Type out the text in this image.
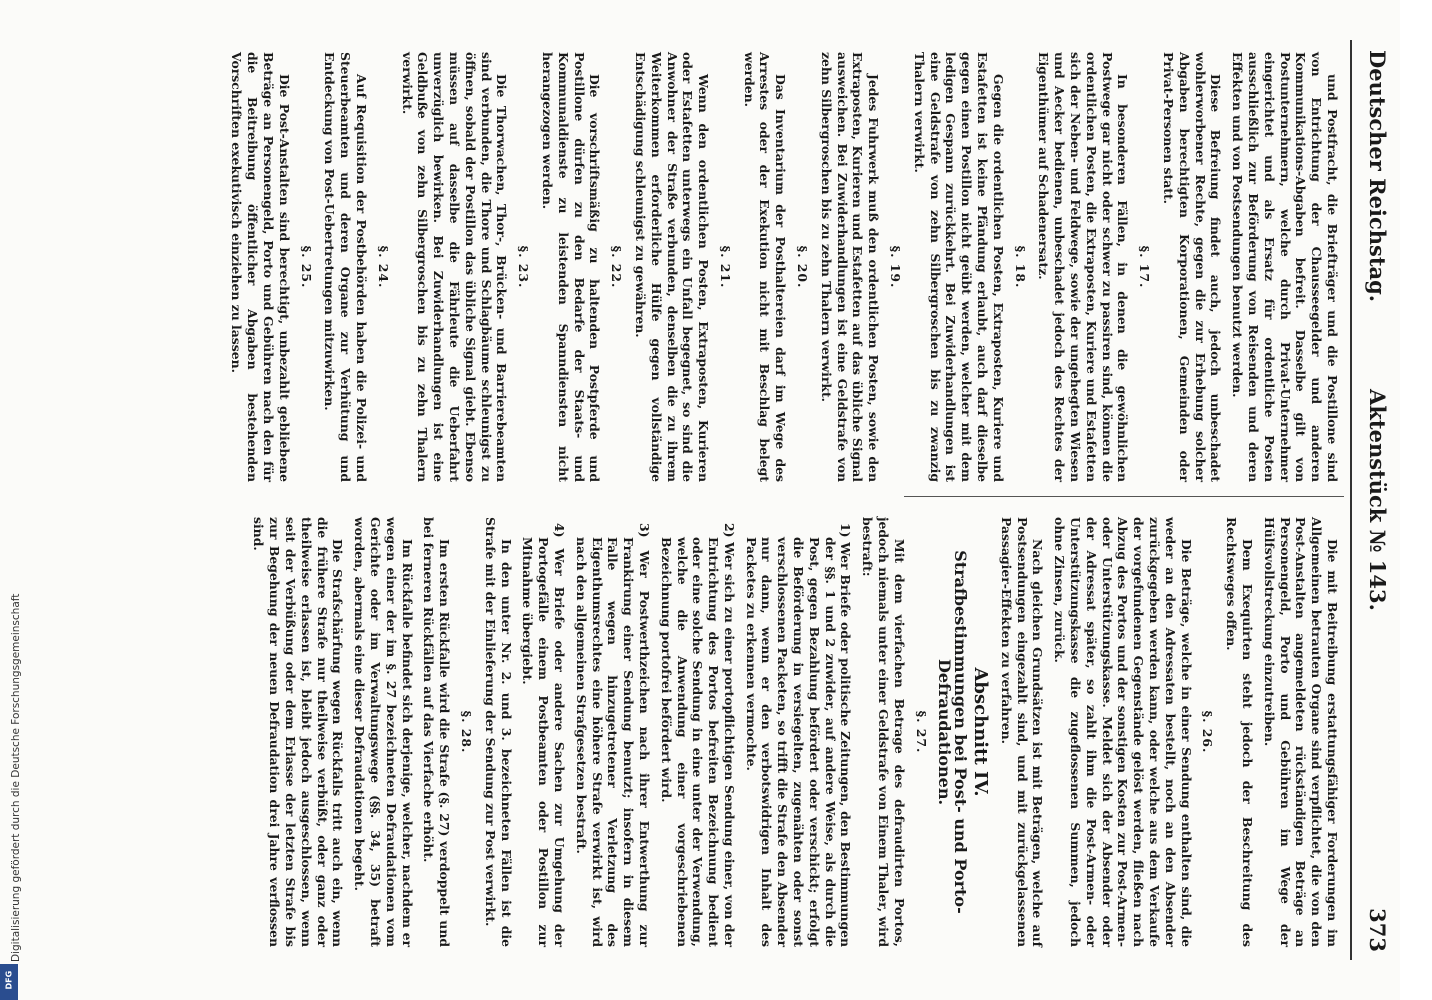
Deutscher Reichstag.
Aktenstück № 143.
373

und Postfracht, die Briefträger und die Postillone sind von Entrichtung der Chausseegelder und anderen Kommunikations-Abgaben befreit. Dasselbe gilt von Postunternehmern, welche durch Privat-Unternehmer eingerichtet und als Ersatz für ordentliche Posten ausschließlich zur Beförderung von Reisenden und deren Effekten und von Postsendungen benutzt werden.

Diese Befreiung findet auch, jedoch unbeschadet wohlerworbener Rechte, gegen die zur Erhebung solcher Abgaben berechtigten Korporationen, Gemeinden oder Privat-Personen statt.

§. 17.

In besonderen Fällen, in denen die gewöhnlichen Postwege gar nicht oder schwer zu passiren sind, können die ordentlichen Posten, die Extraposten, Kuriere und Estafetten sich der Neben- und Feldwege, sowie der ungehegten Wiesen und Aecker bedienen, unbeschadet jedoch des Rechtes der Eigenthümer auf Schadenersatz.

§. 18.

Gegen die ordentlichen Posten, Extraposten, Kuriere und Estafetten ist keine Pfändung erlaubt, auch darf dieselbe gegen einen Postillon nicht geübt werden, welcher mit dem ledigen Gespann zurückkehrt. Bei Zuwiderhandlungen ist eine Geldstrafe von zehn Silbergroschen bis zu zwanzig Thalern verwirkt.

§. 19.

Jedes Fuhrwerk muß den ordentlichen Posten, sowie den Extraposten, Kurieren und Estafetten auf das übliche Signal ausweichen. Bei Zuwiderhandlungen ist eine Geldstrafe von zehn Silbergroschen bis zu zehn Thalern verwirkt.

§. 20.

Das Inventarium der Posthaltereien darf im Wege des Arrestes oder der Exekution nicht mit Beschlag belegt werden.

§. 21.

Wenn den ordentlichen Posten, Extraposten, Kurieren oder Estafetten unterwegs ein Unfall begegnet, so sind die Anwohner der Straße verbunden, denselben die zu ihrem Weiterkommen erforderliche Hülfe gegen vollständige Entschädigung schleunigst zu gewähren.

§. 22.

Die vorschriftsmäßig zu haltenden Postpferde und Postillone dürfen zu den Bedarfe der Staats- und Kommunaldienste zu leistenden Spanndiensten nicht herangezogen werden.

§. 23.

Die Thorwachen, Thor-, Brücken- und Barrierebeamten sind verbunden, die Thore und Schlagbäume schleunigst zu öffnen, sobald der Postillon das übliche Signal giebt. Ebenso müssen auf dasselbe die Fährleute die Ueberfahrt unverzüglich bewirken. Bei Zuwiderhandlungen ist eine Geldbuße von zehn Silbergroschen bis zu zehn Thalern verwirkt.

§. 24.

Auf Requisition der Postbehörden haben die Polizei- und Steuerbeamten und deren Organe zur Verhütung und Entdeckung von Post-Uebertretungen mitzuwirken.

§. 25.

Die Post-Anstalten sind berechtigt, unbezahlt gebliebene Beträge an Personengeld, Porto und Gebühren nach den für die Beitreibung öffentlicher Abgaben bestehenden Vorschriften exekutivisch einziehen zu lassen.

Die mit Beitreibung erstattungsfähiger Forderungen im Allgemeinen betrauten Organe sind verpflichtet, die von den Post-Anstalten angemeldeten rückständigen Beträge an Personengeld, Porto und Gebühren im Wege der Hülfsvollstreckung einzutreiben.

Dem Exequirten steht jedoch der Beschreitung des Rechtsweges offen.

§. 26.

Die Beträge, welche in einer Sendung enthalten sind, die weder an den Adressaten bestellt, noch an den Absender zurückgegeben werden kann, oder welche aus dem Verkaufe der vorgefundenen Gegenstände gelöst werden, fließen nach Abzug des Portos und der sonstigen Kosten zur Post-Armen- oder Unterstützungskasse. Meldet sich der Absender oder der Adressat später, so zahlt ihm die Post-Armen- oder Unterstützungskasse die zugeflossenen Summen, jedoch ohne Zinsen, zurück.

Nach gleichen Grundsätzen ist mit Beträgen, welche auf Postsendungen eingezahlt sind, und mit zurückgelassenen Passagier-Effekten zu verfahren.

Abschnitt IV.
Strafbestimmungen bei Post- und Porto-Defraudationen.
§. 27.

Mit dem vierfachen Betrage des defraudirten Portos, jedoch niemals unter einer Geldstrafe von Einem Thaler, wird bestraft:

1) Wer Briefe oder politische Zeitungen, den Bestimmungen der §§. 1 und 2 zuwider, auf andere Weise, als durch die Post, gegen Bezahlung befördert oder verschickt; erfolgt die Beförderung in versiegelten, zugenähten oder sonst verschlossenen Packeten, so trifft die Strafe den Absender nur dann, wenn er den verbotswidrigen Inhalt des Packetes zu erkennen vermochte.
2) Wer sich zu einer portopflichtigen Sendung einer, von der Entrichtung des Portos befreiten Bezeichnung bedient oder eine solche Sendung in eine unter der Verwendung, welche die Anwendung einer vorgeschriebenen Bezeichnung portofrei befördert wird.
3) Wer Postwerthzeichen nach ihrer Entwerthung zur Frankirung einer Sendung benutzt; insofern in diesem Falle wegen hinzugetretener Verletzung des Eigenthumsrechtes eine höhere Strafe verwirkt ist, wird nach den allgemeinen Strafgesetzen bestraft.
4) Wer Briefe oder andere Sachen zur Umgehung der Portogefälle einem Postbeamten oder Postillon zur Mitnahme übergiebt.

In den unter Nr. 2. und 3. bezeichneten Fällen ist die Strafe mit der Einlieferung der Sendung zur Post verwirkt.

§. 28.

Im ersten Rückfalle wird die Strafe (§. 27) verdoppelt und bei ferneren Rückfällen auf das Vierfache erhöht.

Im Rückfalle befindet sich derjenige, welcher, nachdem er wegen einer der im §. 27 bezeichneten Defraudationen vom Gerichte oder im Verwaltungswege (§§. 34, 35) betraft worden, abermals eine dieser Defraudationen begeht.

Die Strafschärfung wegen Rückfalls tritt auch ein, wenn die frühere Strafe nur theilweise verbüßt, oder ganz oder theilweise erlassen ist, bleibt jedoch ausgeschlossen, wenn seit der Verbüßung oder dem Erlasse der letzten Strafe bis zur Begehung der neuen Defraudation drei Jahre verflossen sind.

Digitalisierung gefördert durch die Deutsche Forschungsgemeinschaft
DFG
